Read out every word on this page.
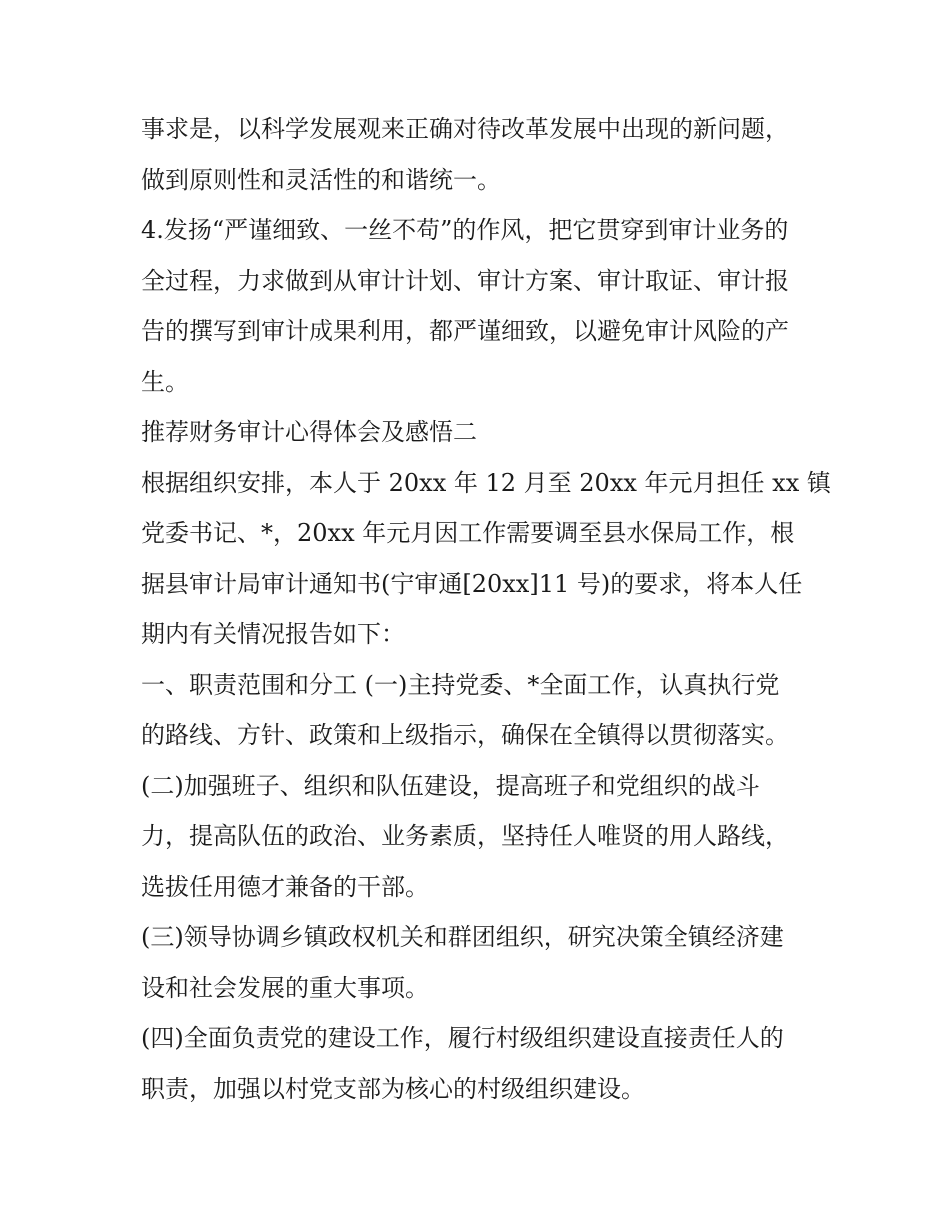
事求是，以科学发展观来正确对待改革发展中出现的新问题，
做到原则性和灵活性的和谐统一。
4.发扬“严谨细致、一丝不苟”的作风，把它贯穿到审计业务的
全过程，力求做到从审计计划、审计方案、审计取证、审计报
告的撰写到审计成果利用，都严谨细致，以避免审计风险的产
生。
推荐财务审计心得体会及感悟二
根据组织安排，本人于 20xx 年 12 月至 20xx 年元月担任 xx 镇
党委书记、*，20xx 年元月因工作需要调至县水保局工作，根
据县审计局审计通知书(宁审通[20xx]11 号)的要求，将本人任
期内有关情况报告如下：
一、职责范围和分工 (一)主持党委、*全面工作，认真执行党
的路线、方针、政策和上级指示，确保在全镇得以贯彻落实。
(二)加强班子、组织和队伍建设，提高班子和党组织的战斗
力，提高队伍的政治、业务素质，坚持任人唯贤的用人路线，
选拔任用德才兼备的干部。
(三)领导协调乡镇政权机关和群团组织，研究决策全镇经济建
设和社会发展的重大事项。
(四)全面负责党的建设工作，履行村级组织建设直接责任人的
职责，加强以村党支部为核心的村级组织建设。
